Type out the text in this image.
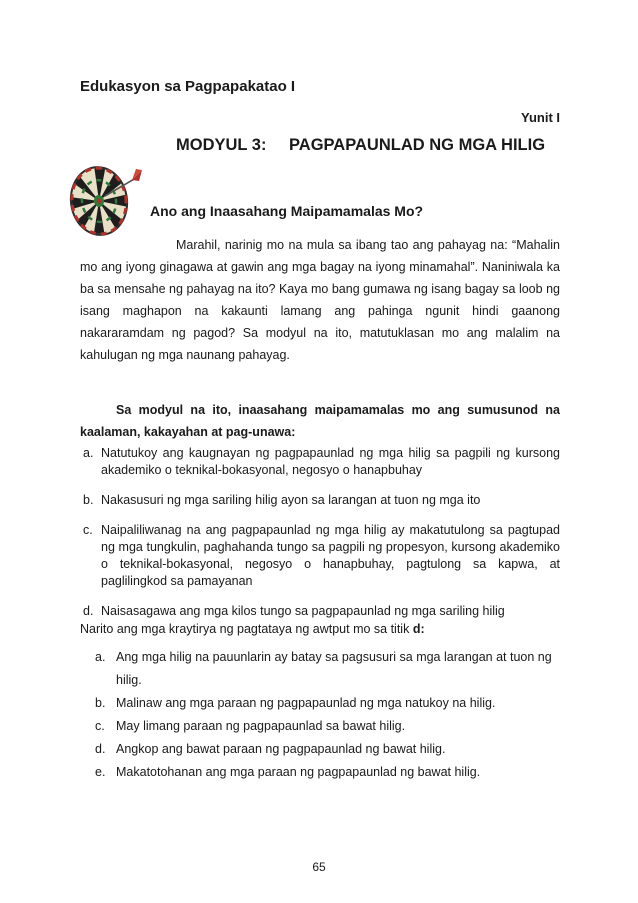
Edukasyon sa Pagpapakatao I
Yunit I
MODYUL 3: PAGPAPAUNLAD NG MGA HILIG
Ano ang Inaasahang Maipamamalas Mo?
Marahil, narinig mo na mula sa ibang tao ang pahayag na: “Mahalin mo ang iyong ginagawa at gawin ang mga bagay na iyong minamahal”. Naniniwala ka ba sa mensahe ng pahayag na ito? Kaya mo bang gumawa ng isang bagay sa loob ng isang maghapon na kakaunti lamang ang pahinga ngunit hindi gaanong nakararamdam ng pagod? Sa modyul na ito, matutuklasan mo ang malalim na kahulugan ng mga naunang pahayag.
Sa modyul na ito, inaasahang maipamamalas mo ang sumusunod na kaalaman, kakayahan at pag-unawa:
a. Natutukoy ang kaugnayan ng pagpapaunlad ng mga hilig sa pagpili ng kursong akademiko o teknikal-bokasyonal, negosyo o hanapbuhay
b. Nakasusuri ng mga sariling hilig ayon sa larangan at tuon ng mga ito
c. Naipaliliwanag na ang pagpapaunlad ng mga hilig ay makatutulong sa pagtupad ng mga tungkulin, paghahanda tungo sa pagpili ng propesyon, kursong akademiko o teknikal-bokasyonal, negosyo o hanapbuhay, pagtulong sa kapwa, at paglilingkod sa pamayanan
d. Naisasagawa ang mga kilos tungo sa pagpapaunlad ng mga sariling hilig
Narito ang mga kraytirya ng pagtataya ng awtput mo sa titik d:
a. Ang mga hilig na pauunlarin ay batay sa pagsusuri sa mga larangan at tuon ng hilig.
b. Malinaw ang mga paraan ng pagpapaunlad ng mga natukoy na hilig.
c. May limang paraan ng pagpapaunlad sa bawat hilig.
d. Angkop ang bawat paraan ng pagpapaunlad ng bawat hilig.
e. Makatotohanan ang mga paraan ng pagpapaunlad ng bawat hilig.
65
